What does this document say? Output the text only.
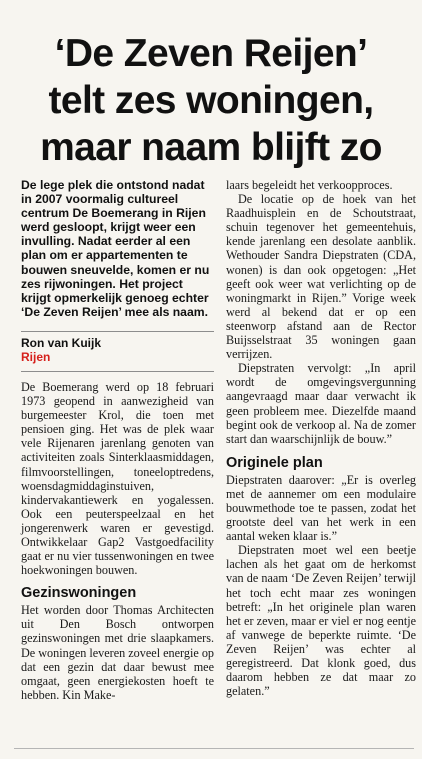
‘De Zeven Reijen’
telt zes woningen,
maar naam blijft zo

De lege plek die ontstond nadat in 2007 voormalig cultureel centrum De Boemerang in Rijen werd gesloopt, krijgt weer een invulling. Nadat eerder al een plan om er appartementen te bouwen sneuvelde, komen er nu zes rijwoningen. Het project krijgt opmerkelijk genoeg echter ‘De Zeven Reijen’ mee als naam.

Ron van Kuijk

Rijen

De Boemerang werd op 18 februari 1973 geopend in aanwezigheid van burgemeester Krol, die toen met pensioen ging. Het was de plek waar vele Rijenaren jarenlang genoten van activiteiten zoals Sinterklaasmiddagen, filmvoorstellingen, toneeloptredens, woensdagmiddaginstuiven, kindervakantiewerk en yogalessen. Ook een peuterspeelzaal en het jongerenwerk waren er gevestigd. Ontwikkelaar Gap2 Vastgoedfacility gaat er nu vier tussenwoningen en twee hoekwoningen bouwen.

Gezinswoningen

Het worden door Thomas Architecten uit Den Bosch ontworpen gezinswoningen met drie slaapkamers. De woningen leveren zoveel energie op dat een gezin dat daar bewust mee omgaat, geen energiekosten hoeft te hebben. Kin Make-

laars begeleidt het verkoopproces.

De locatie op de hoek van het Raadhuisplein en de Schoutstraat, schuin tegenover het gemeentehuis, kende jarenlang een desolate aanblik. Wethouder Sandra Diepstraten (CDA, wonen) is dan ook opgetogen: „Het geeft ook weer wat verlichting op de woningmarkt in Rijen.” Vorige week werd al bekend dat er op een steenworp afstand aan de Rector Buijsselstraat 35 woningen gaan verrijzen.

Diepstraten vervolgt: „In april wordt de omgevingsvergunning aangevraagd maar daar verwacht ik geen probleem mee. Diezelfde maand begint ook de verkoop al. Na de zomer start dan waarschijnlijk de bouw.”

Originele plan

Diepstraten daarover: „Er is overleg met de aannemer om een modulaire bouwmethode toe te passen, zodat het grootste deel van het werk in een aantal weken klaar is.”

Diepstraten moet wel een beetje lachen als het gaat om de herkomst van de naam ‘De Zeven Reijen’ terwijl het toch echt maar zes woningen betreft: „In het originele plan waren het er zeven, maar er viel er nog eentje af vanwege de beperkte ruimte. ‘De Zeven Reijen’ was echter al geregistreerd. Dat klonk goed, dus daarom hebben ze dat maar zo gelaten.”
